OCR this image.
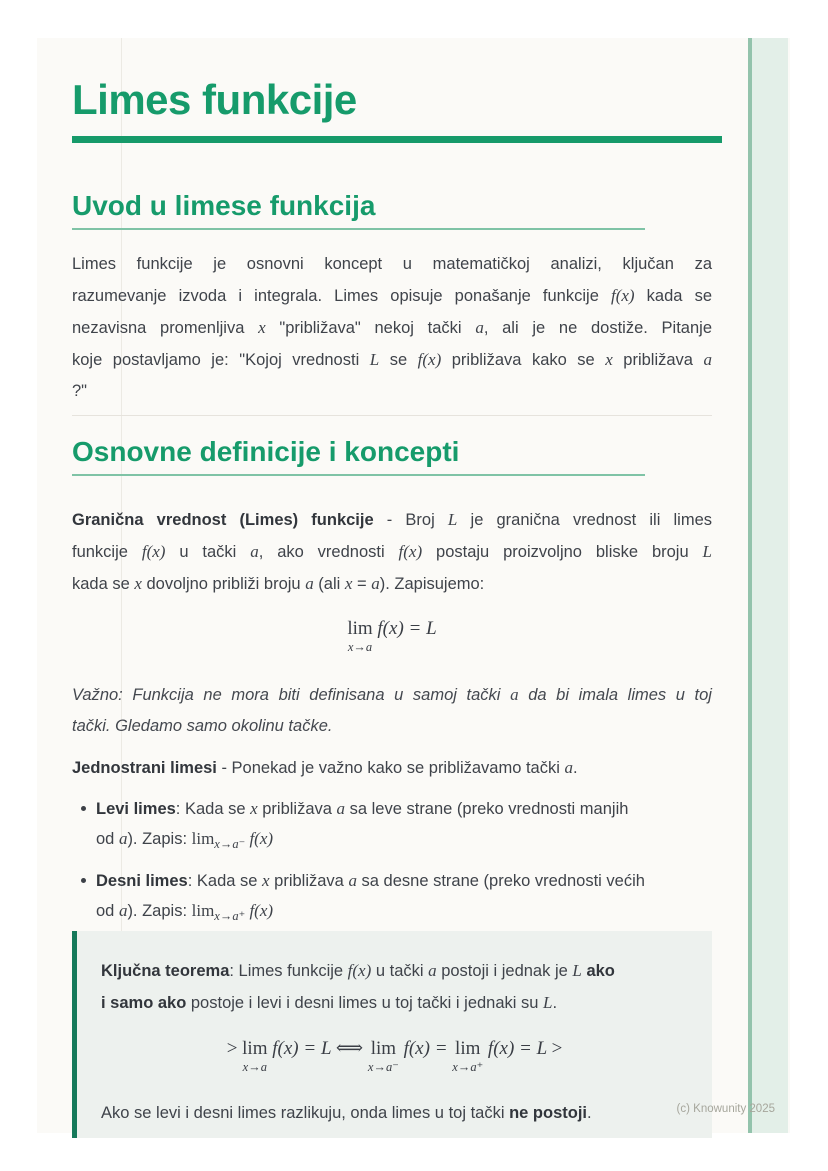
Limes funkcije
Uvod u limese funkcija

Limes funkcije je osnovni koncept u matematičkoj analizi, ključan za
razumevanje izvoda i integrala. Limes opisuje ponašanje funkcije f(x) kada se
nezavisna promenljiva x "približava" nekoj tački a, ali je ne dostiže. Pitanje
koje postavljamo je: "Kojoj vrednosti L se f(x) približava kako se x približava a
?"

Osnovne definicije i koncepti

Granična vrednost (Limes) funkcije - Broj L je granična vrednost ili limes
funkcije f(x) u tački a, ako vrednosti f(x) postaju proizvoljno bliske broju L
kada se x dovoljno približi broju a (ali x = a). Zapisujemo:

lim
x→a
f(x) = L

Važno: Funkcija ne mora biti definisana u samoj tački a da bi imala limes u toj
tački. Gledamo samo okolinu tačke.

Jednostrani limesi - Ponekad je važno kako se približavamo tački a.

Levi limes: Kada se x približava a sa leve strane (preko vrednosti manjih
od a). Zapis: $\lim_{x\to a^-} f(x)$
Desni limes: Kada se x približava a sa desne strane (preko vrednosti većih
od a). Zapis: $\lim_{x\to a^+} f(x)$

Ključna teorema: Limes funkcije f(x) u tački a postoji i jednak je L ako
i samo ako postoje i levi i desni limes u toj tački i jednaki su L.

> lim
x→a
f(x) = L ⟺ lim
x→a⁻
f(x) = lim
x→a⁺
f(x) = L >

Ako se levi i desni limes razlikuju, onda limes u toj tački ne postoji.	(c) Knowunity 2025
